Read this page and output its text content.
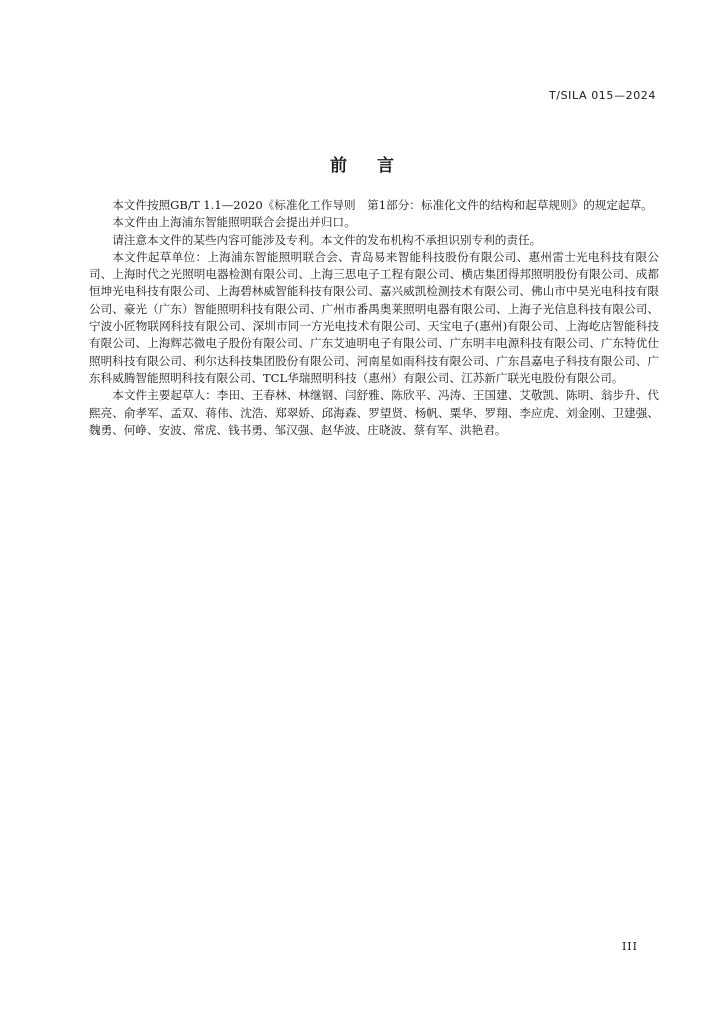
T/SILA 015—2024
前言

本文件按照GB/T 1.1—2020《标准化工作导则　第1部分：标准化文件的结构和起草规则》的规定起草。

本文件由上海浦东智能照明联合会提出并归口。

请注意本文件的某些内容可能涉及专利。本文件的发布机构不承担识别专利的责任。

本文件起草单位：上海浦东智能照明联合会、青岛易来智能科技股份有限公司、惠州雷士光电科技有限公司、上海时代之光照明电器检测有限公司、上海三思电子工程有限公司、横店集团得邦照明股份有限公司、成都恒坤光电科技有限公司、上海碧林威智能科技有限公司、嘉兴威凯检测技术有限公司、佛山市中昊光电科技有限公司、豪光（广东）智能照明科技有限公司、广州市番禺奥莱照明电器有限公司、上海子光信息科技有限公司、宁波小匠物联网科技有限公司、深圳市同一方光电技术有限公司、天宝电子(惠州)有限公司、上海屹店智能科技有限公司、上海辉芯微电子股份有限公司、广东艾迪明电子有限公司、广东明丰电源科技有限公司、广东特优仕照明科技有限公司、利尔达科技集团股份有限公司、河南星如雨科技有限公司、广东昌嘉电子科技有限公司、广东科威腾智能照明科技有限公司、TCL华瑞照明科技（惠州）有限公司、江苏新广联光电股份有限公司。

本文件主要起草人：李田、王春林、林继钢、闫舒雅、陈欣平、冯涛、王国建、艾敬凯、陈明、翁步升、代熙亮、俞孝军、孟双、蒋伟、沈浩、郑翠娇、邱海森、罗望贤、杨帆、粟华、罗翔、李应虎、刘金刚、卫建强、魏勇、何峥、安波、常虎、钱书勇、邹汉强、赵华波、庄晓波、蔡有军、洪艳君。

III
